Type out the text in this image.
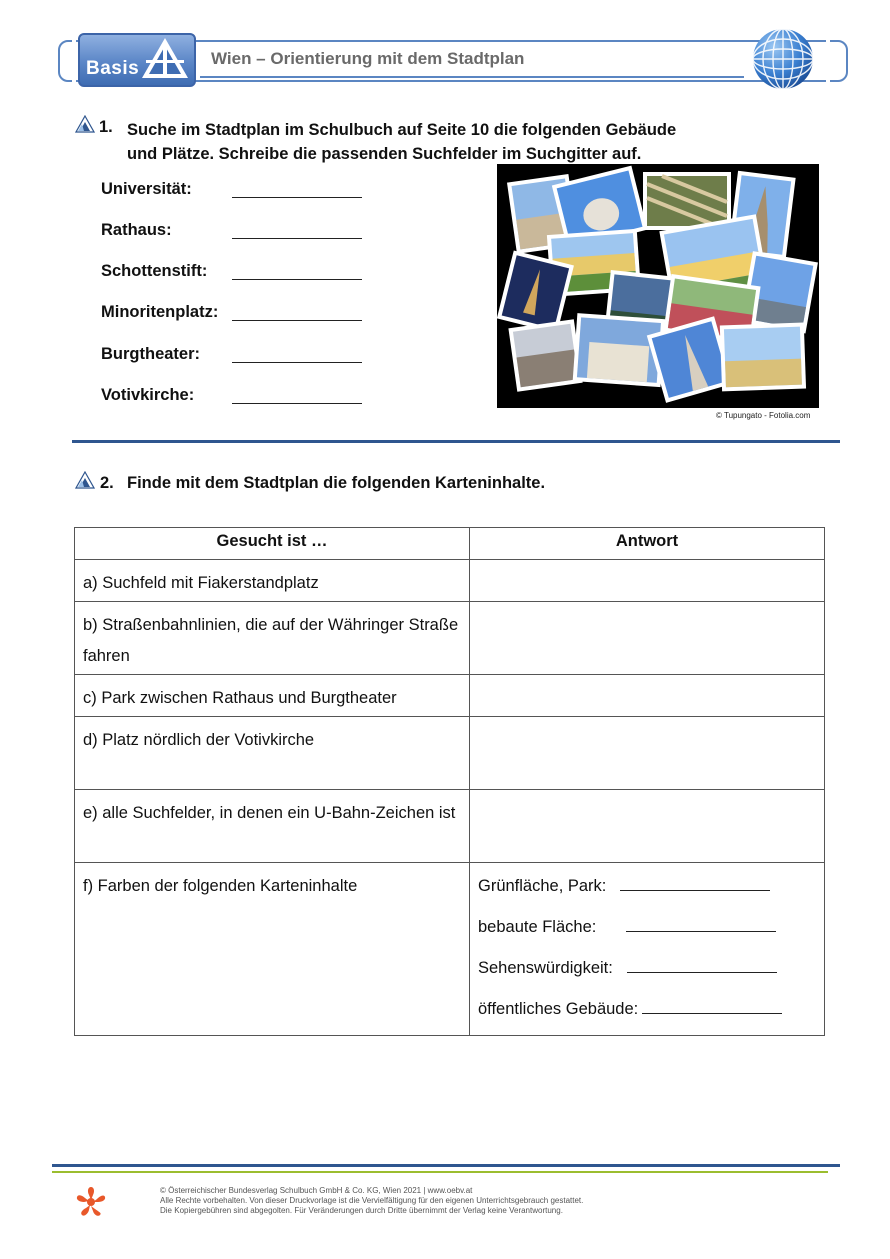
Basis	Wien – Orientierung mit dem Stadtplan
1. Suche im Stadtplan im Schulbuch auf Seite 10 die folgenden Gebäude
und Plätze. Schreibe die passenden Suchfelder im Suchgitter auf.
Universität:
Rathaus:
Schottenstift:
Minoritenplatz:
Burgtheater:
Votivkirche:
© Tupungato - Fotolia.com
2. Finde mit dem Stadtplan die folgenden Karteninhalte.
Gesucht ist …	Antwort
a) Suchfeld mit Fiakerstandplatz	
b) Straßenbahnlinien, die auf der Währinger Straße fahren	
c) Park zwischen Rathaus und Burgtheater	
d) Platz nördlich der Votivkirche	
e) alle Suchfelder, in denen ein U-Bahn-Zeichen ist	
f) Farben der folgenden Karteninhalte	Grünfläche, Park:
bebaute Fläche:
Sehenswürdigkeit:
öffentliches Gebäude:
© Österreichischer Bundesverlag Schulbuch GmbH & Co. KG, Wien 2021 | www.oebv.at
Alle Rechte vorbehalten. Von dieser Druckvorlage ist die Vervielfältigung für den eigenen Unterrichtsgebrauch gestattet.
Die Kopiergebühren sind abgegolten. Für Veränderungen durch Dritte übernimmt der Verlag keine Verantwortung.
